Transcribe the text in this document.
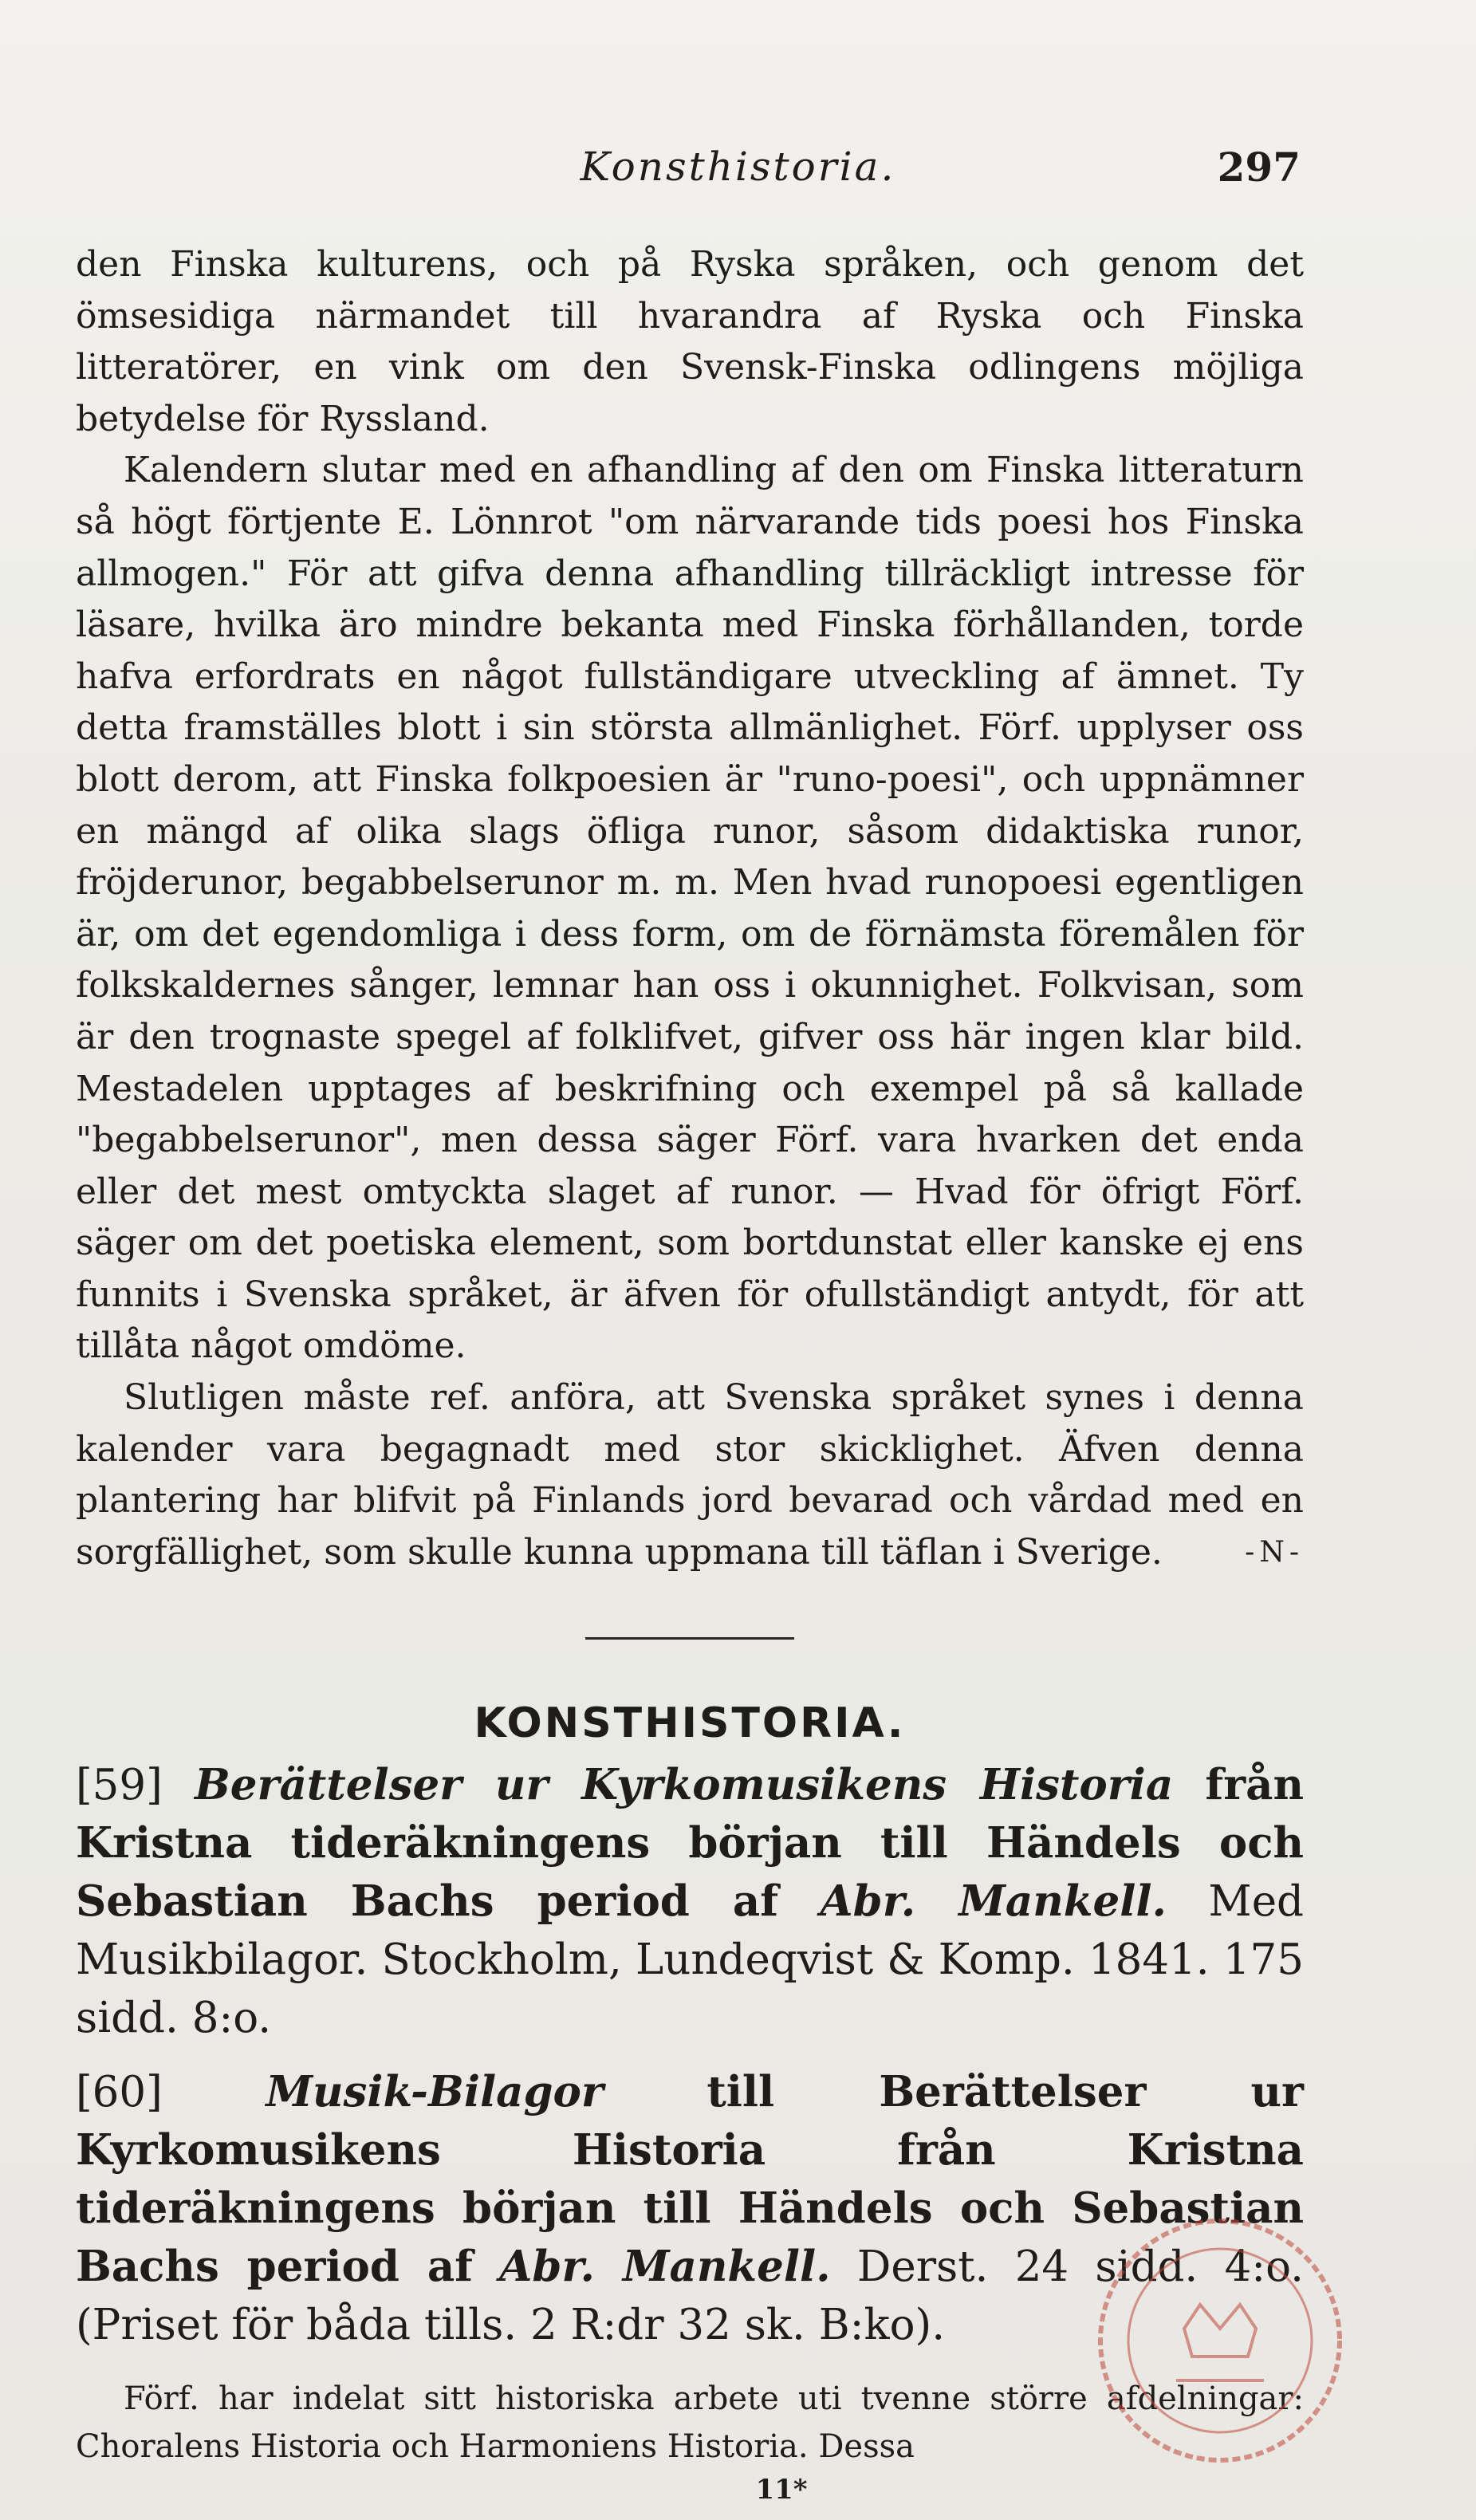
Konsthistoria.	297

den Finska kulturens, och på Ryska språken, och genom det ömsesidiga närmandet till hvarandra af Ryska och Finska litteratörer, en vink om den Svensk-Finska odlingens möjliga betydelse för Ryssland.

Kalendern slutar med en afhandling af den om Finska litteraturn så högt förtjente E. Lönnrot "om närvarande tids poesi hos Finska allmogen." För att gifva denna afhandling tillräckligt intresse för läsare, hvilka äro mindre bekanta med Finska förhållanden, torde hafva erfordrats en något fullständigare utveckling af ämnet. Ty detta framställes blott i sin största allmänlighet. Förf. upplyser oss blott derom, att Finska folkpoesien är "runo-poesi", och uppnämner en mängd af olika slags öfliga runor, såsom didaktiska runor, fröjderunor, begabbelserunor m. m. Men hvad runopoesi egentligen är, om det egendomliga i dess form, om de förnämsta föremålen för folkskaldernes sånger, lemnar han oss i okunnighet. Folkvisan, som är den trognaste spegel af folklifvet, gifver oss här ingen klar bild. Mestadelen upptages af beskrifning och exempel på så kallade "begabbelserunor", men dessa säger Förf. vara hvarken det enda eller det mest omtyckta slaget af runor. — Hvad för öfrigt Förf. säger om det poetiska element, som bortdunstat eller kanske ej ens funnits i Svenska språket, är äfven för ofullständigt antydt, för att tillåta något omdöme.

Slutligen måste ref. anföra, att Svenska språket synes i denna kalender vara begagnadt med stor skicklighet. Äfven denna plantering har blifvit på Finlands jord bevarad och vårdad med en sorgfällighet, som skulle kunna uppmana till täflan i Sverige.	-N-

KONSTHISTORIA.
[59] Berättelser ur Kyrkomusikens Historia från Kristna tideräkningens början till Händels och Sebastian Bachs period af Abr. Mankell. Med Musikbilagor. Stockholm, Lundeqvist & Komp. 1841. 175 sidd. 8:o.
[60] Musik-Bilagor till Berättelser ur Kyrkomusikens Historia från Kristna tideräkningens början till Händels och Sebastian Bachs period af Abr. Mankell. Derst. 24 sidd. 4:o. (Priset för båda tills. 2 R:dr 32 sk. B:ko).

Förf. har indelat sitt historiska arbete uti tvenne större afdelningar: Choralens Historia och Harmoniens Historia. Dessa

11*
